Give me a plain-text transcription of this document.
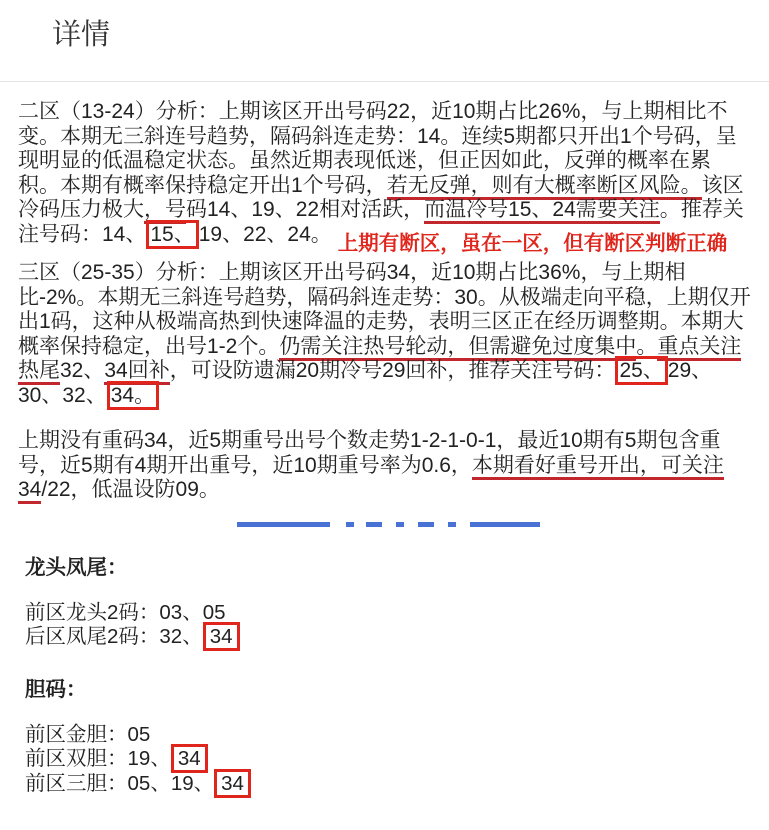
详情

二区（13-24）分析：上期该区开出号码22，近10期占比26%，与上期相比不变。本期无三斜连号趋势，隔码斜连走势：14。连续5期都只开出1个号码，呈现明显的低温稳定状态。虽然近期表现低迷，但正因如此，反弹的概率在累积。本期有概率保持稳定开出1个号码，若无反弹，则有大概率断区风险。该区冷码压力极大，号码14、19、22相对活跃，而温冷号15、24需要关注。推荐关注号码：14、 15、 19、22、24。 上期有断区，虽在一区，但有断区判断正确

三区（25-35）分析：上期该区开出号码34，近10期占比36%，与上期相比-2%。本期无三斜连号趋势，隔码斜连走势：30。从极端走向平稳，上期仅开出1码，这种从极端高热到快速降温的走势，表明三区正在经历调整期。本期大概率保持稳定，出号1-2个。仍需关注热号轮动，但需避免过度集中。重点关注热尾32、34回补，可设防遗漏20期冷号29回补，推荐关注号码： 25、 29、30、32、 34。

上期没有重码34，近5期重号出号个数走势1-2-1-0-1，最近10期有5期包含重号，近5期有4期开出重号，近10期重号率为0.6，本期看好重号开出，可关注34/22，低温设防09。

龙头凤尾：
前区龙头2码：03、05
后区凤尾2码：32、 34
胆码：
前区金胆：05
前区双胆：19、 34
前区三胆：05、19、 34
